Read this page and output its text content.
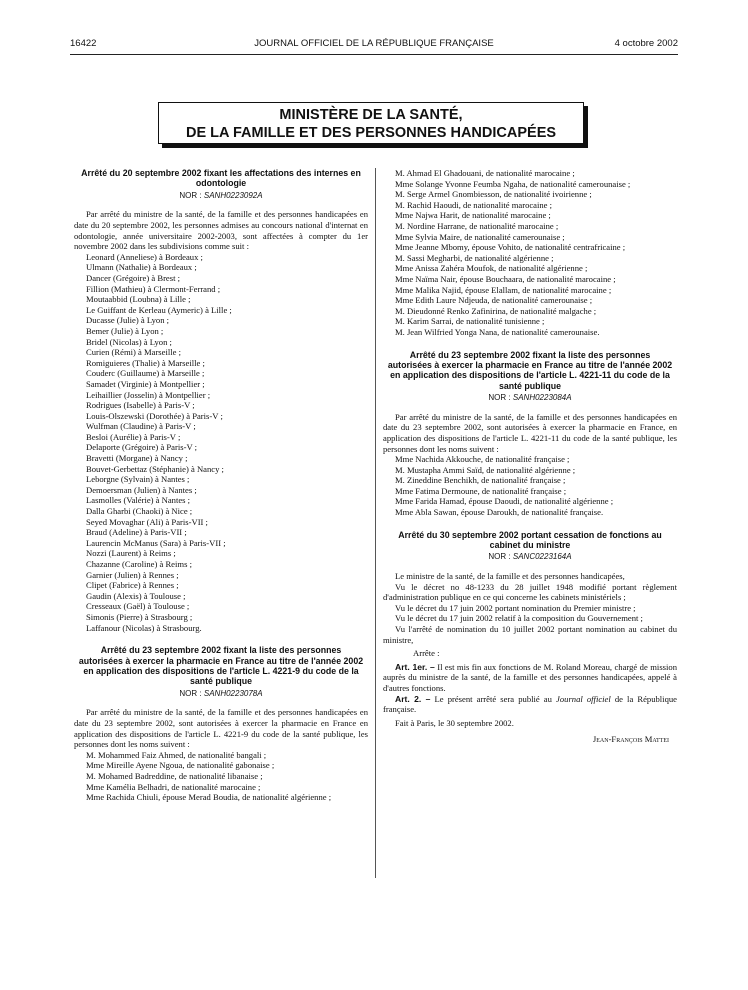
16422	JOURNAL OFFICIEL DE LA RÉPUBLIQUE FRANÇAISE	4 octobre 2002
MINISTÈRE DE LA SANTÉ,
DE LA FAMILLE ET DES PERSONNES HANDICAPÉES
Arrêté du 20 septembre 2002 fixant les affectations des internes en odontologie
NOR : SANH0223092A

Par arrêté du ministre de la santé, de la famille et des personnes handicapées en date du 20 septembre 2002, les personnes admises au concours national d'internat en odontologie, année universitaire 2002-2003, sont affectées à compter du 1er novembre 2002 dans les subdivisions comme suit :

Leonard (Anneliese) à Bordeaux ;
Ulmann (Nathalie) à Bordeaux ;
Dancer (Grégoire) à Brest ;
Fillion (Mathieu) à Clermont-Ferrand ;
Moutaabbid (Loubna) à Lille ;
Le Guiffant de Kerleau (Aymeric) à Lille ;
Ducasse (Julie) à Lyon ;
Bemer (Julie) à Lyon ;
Bridel (Nicolas) à Lyon ;
Curien (Rémi) à Marseille ;
Romiguieres (Thalie) à Marseille ;
Couderc (Guillaume) à Marseille ;
Samadet (Virginie) à Montpellier ;
Leihaillier (Josselin) à Montpellier ;
Rodrigues (Isabelle) à Paris-V ;
Louis-Olszewski (Dorothée) à Paris-V ;
Wulfman (Claudine) à Paris-V ;
Besloi (Aurélie) à Paris-V ;
Delaporte (Grégoire) à Paris-V ;
Bravetti (Morgane) à Nancy ;
Bouvet-Gerbettaz (Stéphanie) à Nancy ;
Leborgne (Sylvain) à Nantes ;
Demoersman (Julien) à Nantes ;
Lasmolles (Valérie) à Nantes ;
Dalla Gharbi (Chaoki) à Nice ;
Seyed Movaghar (Ali) à Paris-VII ;
Braud (Adeline) à Paris-VII ;
Laurencin McManus (Sara) à Paris-VII ;
Nozzi (Laurent) à Reims ;
Chazanne (Caroline) à Reims ;
Garnier (Julien) à Rennes ;
Clipet (Fabrice) à Rennes ;
Gaudin (Alexis) à Toulouse ;
Cresseaux (Gaël) à Toulouse ;
Simonis (Pierre) à Strasbourg ;
Laffanour (Nicolas) à Strasbourg.
Arrêté du 23 septembre 2002 fixant la liste des personnes autorisées à exercer la pharmacie en France au titre de l'année 2002 en application des dispositions de l'article L. 4221-9 du code de la santé publique
NOR : SANH0223078A

Par arrêté du ministre de la santé, de la famille et des personnes handicapées en date du 23 septembre 2002, sont autorisées à exercer la pharmacie en France en application des dispositions de l'article L. 4221-9 du code de la santé publique, les personnes dont les noms suivent :

M. Mohammed Faiz Ahmed, de nationalité bangali ;
Mme Mireille Ayene Ngoua, de nationalité gabonaise ;
M. Mohamed Badreddine, de nationalité libanaise ;
Mme Kamélia Belhadri, de nationalité marocaine ;
Mme Rachida Chiuli, épouse Merad Boudia, de nationalité algérienne ;
M. Ahmad El Ghadouani, de nationalité marocaine ;
Mme Solange Yvonne Feumba Ngaha, de nationalité camerounaise ;
M. Serge Armel Gnombiesson, de nationalité ivoirienne ;
M. Rachid Haoudi, de nationalité marocaine ;
Mme Najwa Harit, de nationalité marocaine ;
M. Nordine Harrane, de nationalité marocaine ;
Mme Sylvia Maire, de nationalité camerounaise ;
Mme Jeanne Mbomy, épouse Vohito, de nationalité centrafricaine ;
M. Sassi Megharbi, de nationalité algérienne ;
Mme Anissa Zahéra Moufok, de nationalité algérienne ;
Mme Naïma Nair, épouse Bouchaara, de nationalité marocaine ;
Mme Malika Najid, épouse Elallam, de nationalité marocaine ;
Mme Edith Laure Ndjeuda, de nationalité camerounaise ;
M. Dieudonné Renko Zafinirina, de nationalité malgache ;
M. Karim Sarrai, de nationalité tunisienne ;
M. Jean Wilfried Yonga Nana, de nationalité camerounaise.
Arrêté du 23 septembre 2002 fixant la liste des personnes autorisées à exercer la pharmacie en France au titre de l'année 2002 en application des dispositions de l'article L. 4221-11 du code de la santé publique
NOR : SANH0223084A

Par arrêté du ministre de la santé, de la famille et des personnes handicapées en date du 23 septembre 2002, sont autorisées à exercer la pharmacie en France, en application des dispositions de l'article L. 4221-11 du code de la santé publique, les personnes dont les noms suivent :

Mme Nachida Akkouche, de nationalité française ;
M. Mustapha Ammi Saïd, de nationalité algérienne ;
M. Zineddine Benchikh, de nationalité française ;
Mme Fatima Dermoune, de nationalité française ;
Mme Farida Hamad, épouse Daoudi, de nationalité algérienne ;
Mme Abla Sawan, épouse Daroukh, de nationalité française.
Arrêté du 30 septembre 2002 portant cessation de fonctions au cabinet du ministre
NOR : SANC0223164A

Le ministre de la santé, de la famille et des personnes handicapées,

Vu le décret no 48-1233 du 28 juillet 1948 modifié portant règlement d'administration publique en ce qui concerne les cabinets ministériels ;

Vu le décret du 17 juin 2002 portant nomination du Premier ministre ;

Vu le décret du 17 juin 2002 relatif à la composition du Gouvernement ;

Vu l'arrêté de nomination du 10 juillet 2002 portant nomination au cabinet du ministre,

Arrête :

Art. 1er. – Il est mis fin aux fonctions de M. Roland Moreau, chargé de mission auprès du ministre de la santé, de la famille et des personnes handicapées, appelé à d'autres fonctions.

Art. 2. – Le présent arrêté sera publié au Journal officiel de la République française.

Fait à Paris, le 30 septembre 2002.

Jean-François Mattei
